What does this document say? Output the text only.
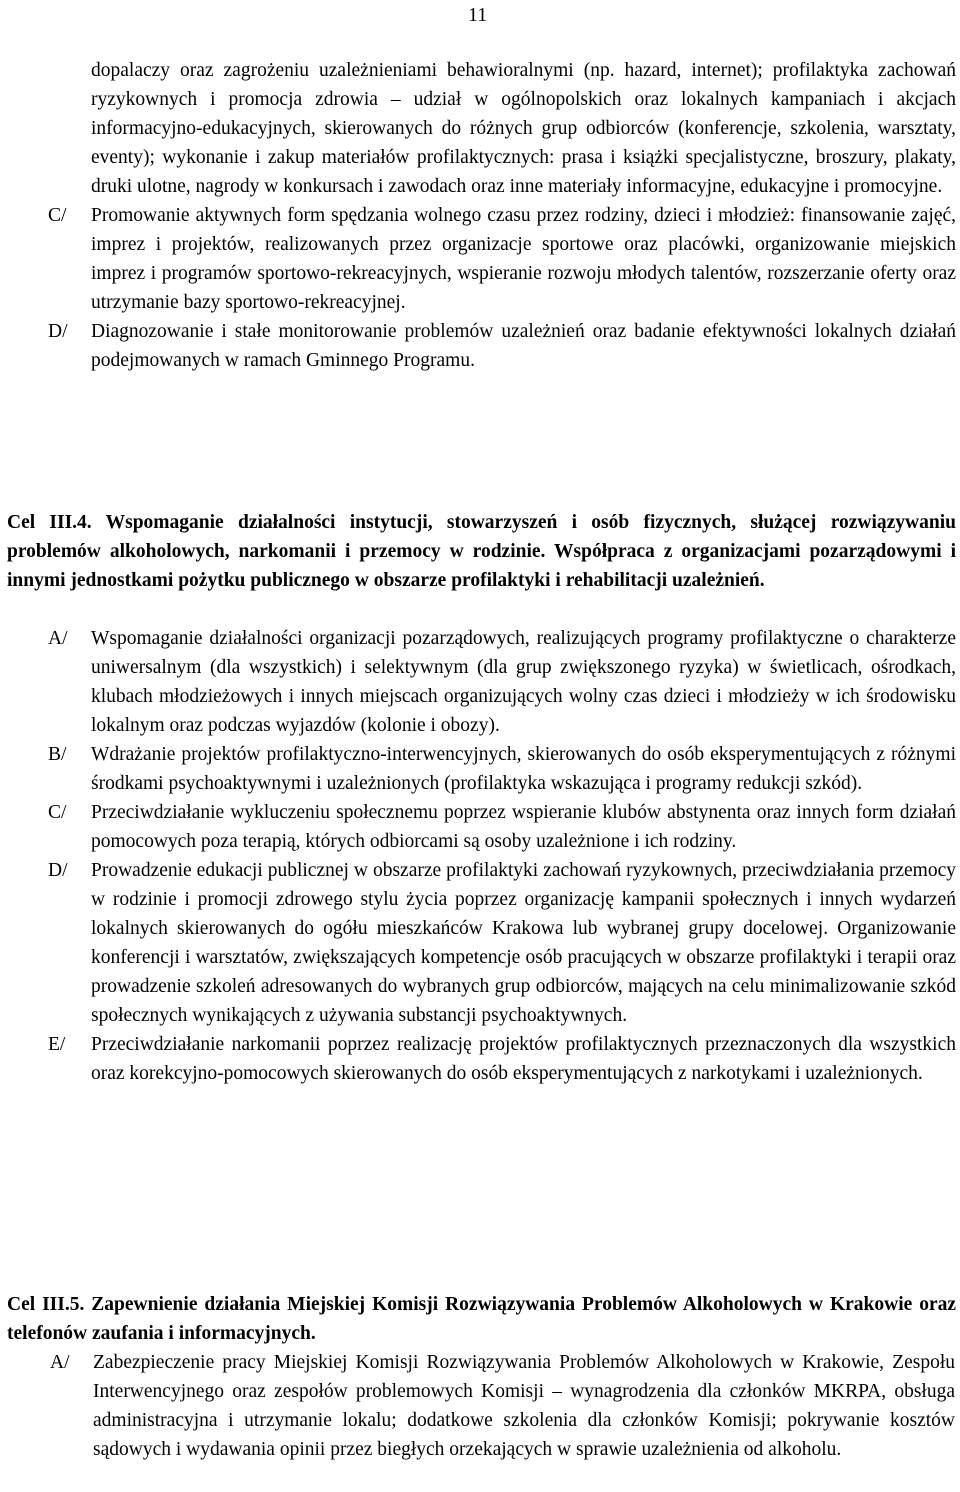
11
dopalaczy oraz zagrożeniu uzależnieniami behawioralnymi (np. hazard, internet); profilaktyka zachowań ryzykownych i promocja zdrowia – udział w ogólnopolskich oraz lokalnych kampaniach i akcjach informacyjno-edukacyjnych, skierowanych do różnych grup odbiorców (konferencje, szkolenia, warsztaty, eventy); wykonanie i zakup materiałów profilaktycznych: prasa i książki specjalistyczne, broszury, plakaty, druki ulotne, nagrody w konkursach i zawodach oraz inne materiały informacyjne, edukacyjne i promocyjne.
C/	Promowanie aktywnych form spędzania wolnego czasu przez rodziny, dzieci i młodzież: finansowanie zajęć, imprez i projektów, realizowanych przez organizacje sportowe oraz placówki, organizowanie miejskich imprez i programów sportowo-rekreacyjnych, wspieranie rozwoju młodych talentów, rozszerzanie oferty oraz utrzymanie bazy sportowo-rekreacyjnej.
D/	Diagnozowanie i stałe monitorowanie problemów uzależnień oraz badanie efektywności lokalnych działań podejmowanych w ramach Gminnego Programu.
Cel III.4. Wspomaganie działalności instytucji, stowarzyszeń i osób fizycznych, służącej rozwiązywaniu problemów alkoholowych, narkomanii i przemocy w rodzinie. Współpraca z organizacjami pozarządowymi i innymi jednostkami pożytku publicznego w obszarze profilaktyki i rehabilitacji uzależnień.
A/	Wspomaganie działalności organizacji pozarządowych, realizujących programy profilaktyczne o charakterze uniwersalnym (dla wszystkich) i selektywnym (dla grup zwiększonego ryzyka) w świetlicach, ośrodkach, klubach młodzieżowych i innych miejscach organizujących wolny czas dzieci i młodzieży w ich środowisku lokalnym oraz podczas wyjazdów (kolonie i obozy).
B/	Wdrażanie projektów profilaktyczno-interwencyjnych, skierowanych do osób eksperymentujących z różnymi środkami psychoaktywnymi i uzależnionych (profilaktyka wskazująca i programy redukcji szkód).
C/	Przeciwdziałanie wykluczeniu społecznemu poprzez wspieranie klubów abstynenta oraz innych form działań pomocowych poza terapią, których odbiorcami są osoby uzależnione i ich rodziny.
D/	Prowadzenie edukacji publicznej w obszarze profilaktyki zachowań ryzykownych, przeciwdziałania przemocy w rodzinie i promocji zdrowego stylu życia poprzez organizację kampanii społecznych i innych wydarzeń lokalnych skierowanych do ogółu mieszkańców Krakowa lub wybranej grupy docelowej. Organizowanie konferencji i warsztatów, zwiększających kompetencje osób pracujących w obszarze profilaktyki i terapii oraz prowadzenie szkoleń adresowanych do wybranych grup odbiorców, mających na celu minimalizowanie szkód społecznych wynikających z używania substancji psychoaktywnych.
E/	Przeciwdziałanie narkomanii poprzez realizację projektów profilaktycznych przeznaczonych dla wszystkich oraz korekcyjno-pomocowych skierowanych do osób eksperymentujących z narkotykami i uzależnionych.
Cel III.5. Zapewnienie działania Miejskiej Komisji Rozwiązywania Problemów Alkoholowych w Krakowie oraz telefonów zaufania i informacyjnych.
A/	Zabezpieczenie pracy Miejskiej Komisji Rozwiązywania Problemów Alkoholowych w Krakowie, Zespołu Interwencyjnego oraz zespołów problemowych Komisji – wynagrodzenia dla członków MKRPA, obsługa administracyjna i utrzymanie lokalu; dodatkowe szkolenia dla członków Komisji; pokrywanie kosztów sądowych i wydawania opinii przez biegłych orzekających w sprawie uzależnienia od alkoholu.
